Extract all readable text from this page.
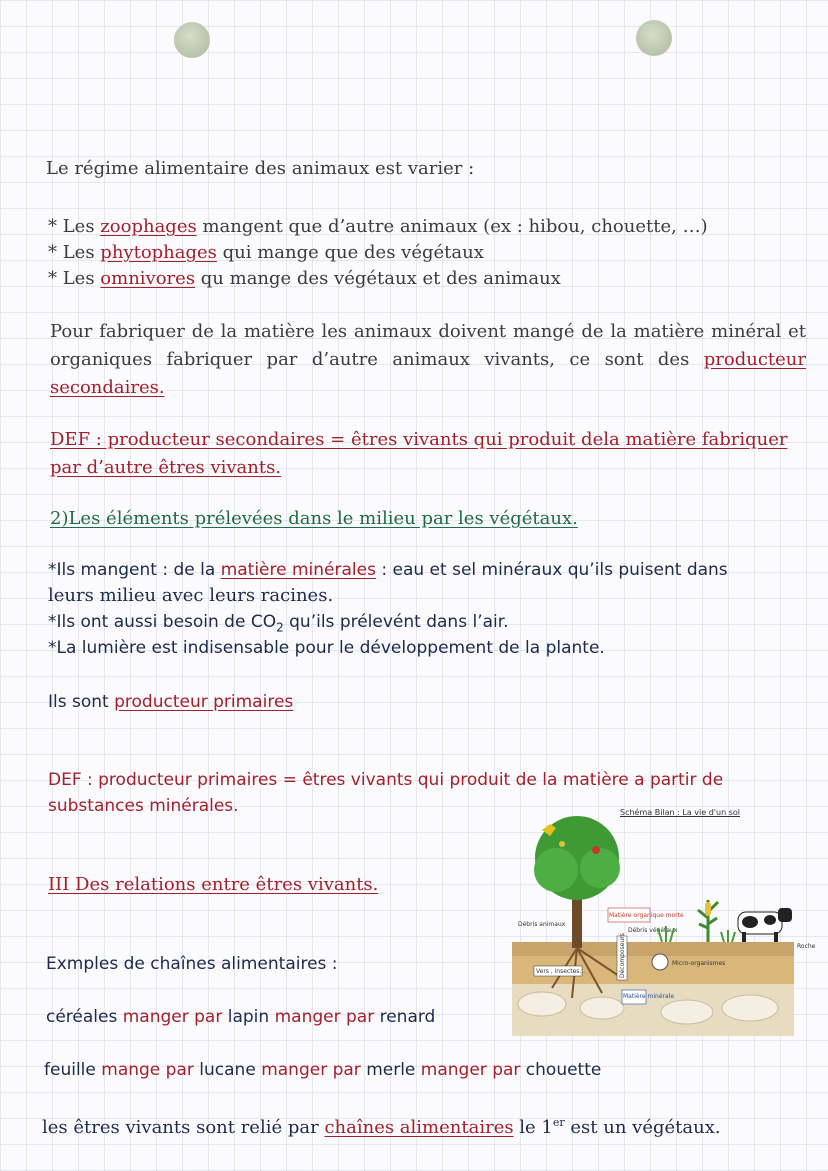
Le régime alimentaire des animaux est varier :

* Les zoophages mangent que d’autre animaux (ex : hibou, chouette, …)

* Les phytophages qui mange que des végétaux

* Les omnivores qu mange des végétaux et des animaux

Pour fabriquer de la matière les animaux doivent mangé de la matière minéral et

organiques fabriquer par d’autre animaux vivants, ce sont des producteur

secondaires.

DEF : producteur secondaires = êtres vivants qui produit dela matière fabriquer

par d’autre êtres vivants.

2)Les éléments prélevées dans le milieu par les végétaux.

*Ils mangent : de la matière minérales : eau et sel minéraux qu’ils puisent dans

leurs milieu avec leurs racines.

*Ils ont aussi besoin de $CO_2$ qu’ils prélevént dans l’air.

*La lumière est indisensable pour le développement de la plante.

Ils sont producteur primaires

DEF : producteur primaires = êtres vivants qui produit de la matière a partir de

substances minérales.

III Des relations entre êtres vivants.

Exmples de chaînes alimentaires :

céréales manger par lapin manger par renard

feuille mange par lucane manger par merle manger par chouette

les êtres vivants sont relié par chaînes alimentaires le 1er est un végétaux.

Schéma Bilan : La vie d'un sol
Débris animaux
Matière organique morte
Débris végétaux
Décomposeurs
Vers , insectes...
Micro-organismes
Matière minérale
Roche
